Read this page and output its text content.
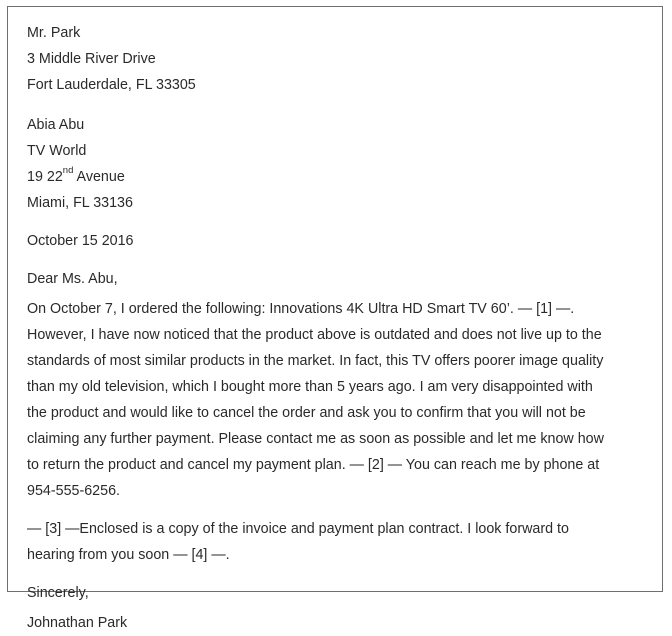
Mr. Park
3 Middle River Drive
Fort Lauderdale, FL 33305
Abia Abu
TV World
19 22nd Avenue
Miami, FL 33136
October 15 2016
Dear Ms. Abu,
On October 7, I ordered the following: Innovations 4K Ultra HD Smart TV 60’. — [1] —.
However, I have now noticed that the product above is outdated and does not live up to the
standards of most similar products in the market. In fact, this TV offers poorer image quality
than my old television, which I bought more than 5 years ago. I am very disappointed with
the product and would like to cancel the order and ask you to confirm that you will not be
claiming any further payment. Please contact me as soon as possible and let me know how
to return the product and cancel my payment plan. — [2] — You can reach me by phone at
954-555-6256.
— [3] —Enclosed is a copy of the invoice and payment plan contract. I look forward to
hearing from you soon — [4] —.
Sincerely,
Johnathan Park
